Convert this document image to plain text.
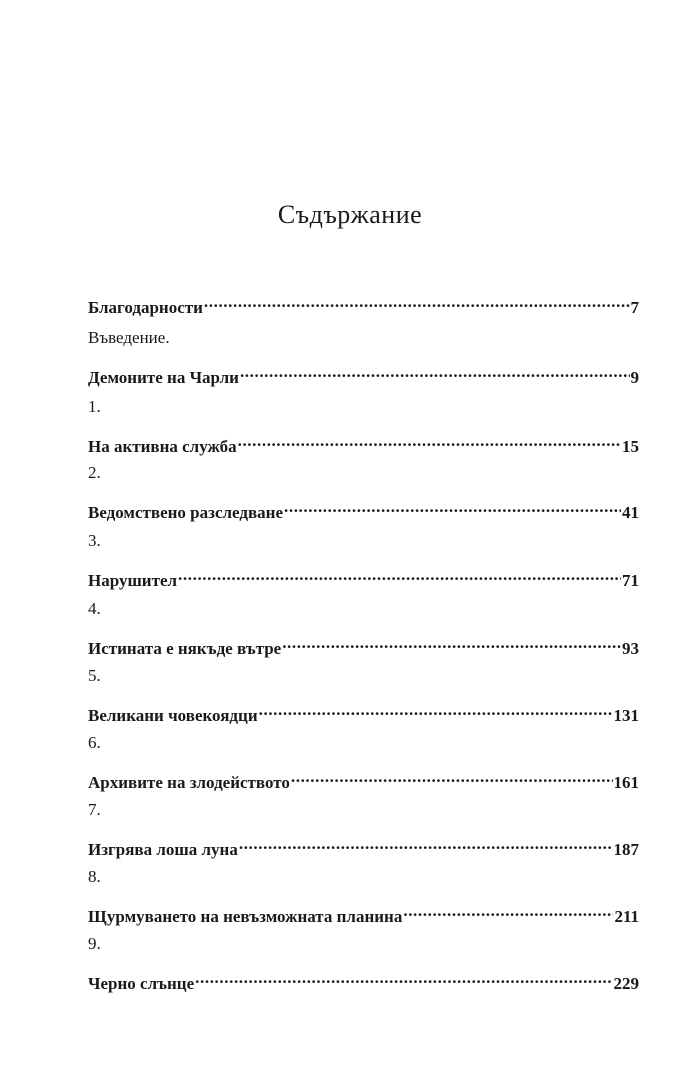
Съдържание
Благодарности .....	7
Въведение.
Демоните на Чарли .....	9
1.
На активна служба .....	15
2.
Ведомствено разследване .....	41
3.
Нарушител .....	71
4.
Истината е някъде вътре .....	93
5.
Великани човекоядци .....	131
6.
Архивите на злодейството .....	161
7.
Изгрява лоша луна .....	187
8.
Щурмуването на невъзможната планина .....	211
9.
Черно слънце .....	229
